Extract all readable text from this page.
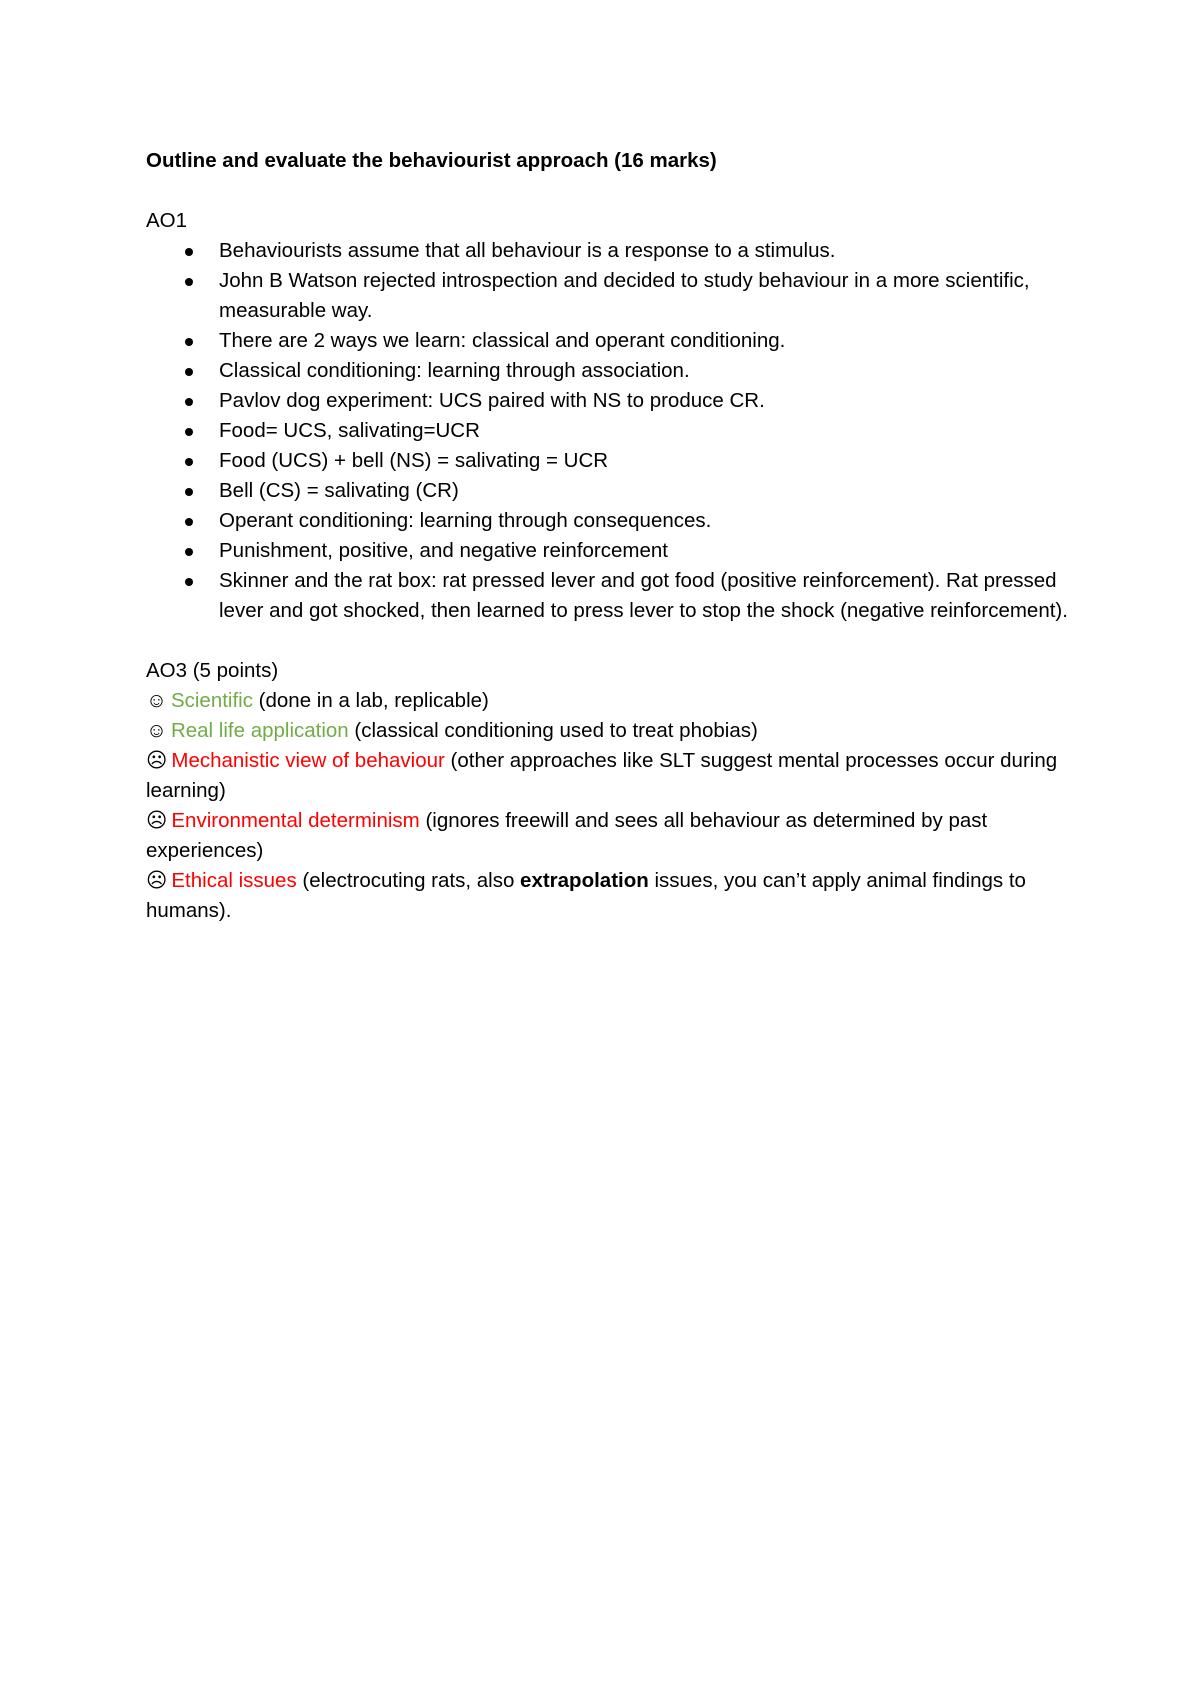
Outline and evaluate the behaviourist approach (16 marks)

AO1

Behaviourists assume that all behaviour is a response to a stimulus.
John B Watson rejected introspection and decided to study behaviour in a more scientific, measurable way.
There are 2 ways we learn: classical and operant conditioning.
Classical conditioning: learning through association.
Pavlov dog experiment: UCS paired with NS to produce CR.
Food= UCS, salivating=UCR
Food (UCS) + bell (NS) = salivating = UCR
Bell (CS) = salivating (CR)
Operant conditioning: learning through consequences.
Punishment, positive, and negative reinforcement
Skinner and the rat box: rat pressed lever and got food (positive reinforcement). Rat pressed lever and got shocked, then learned to press lever to stop the shock (negative reinforcement).

AO3 (5 points)

☺ Scientific (done in a lab, replicable)

☺ Real life application (classical conditioning used to treat phobias)

☹ Mechanistic view of behaviour (other approaches like SLT suggest mental processes occur during learning)

☹ Environmental determinism (ignores freewill and sees all behaviour as determined by past experiences)

☹ Ethical issues (electrocuting rats, also extrapolation issues, you can’t apply animal findings to humans).
